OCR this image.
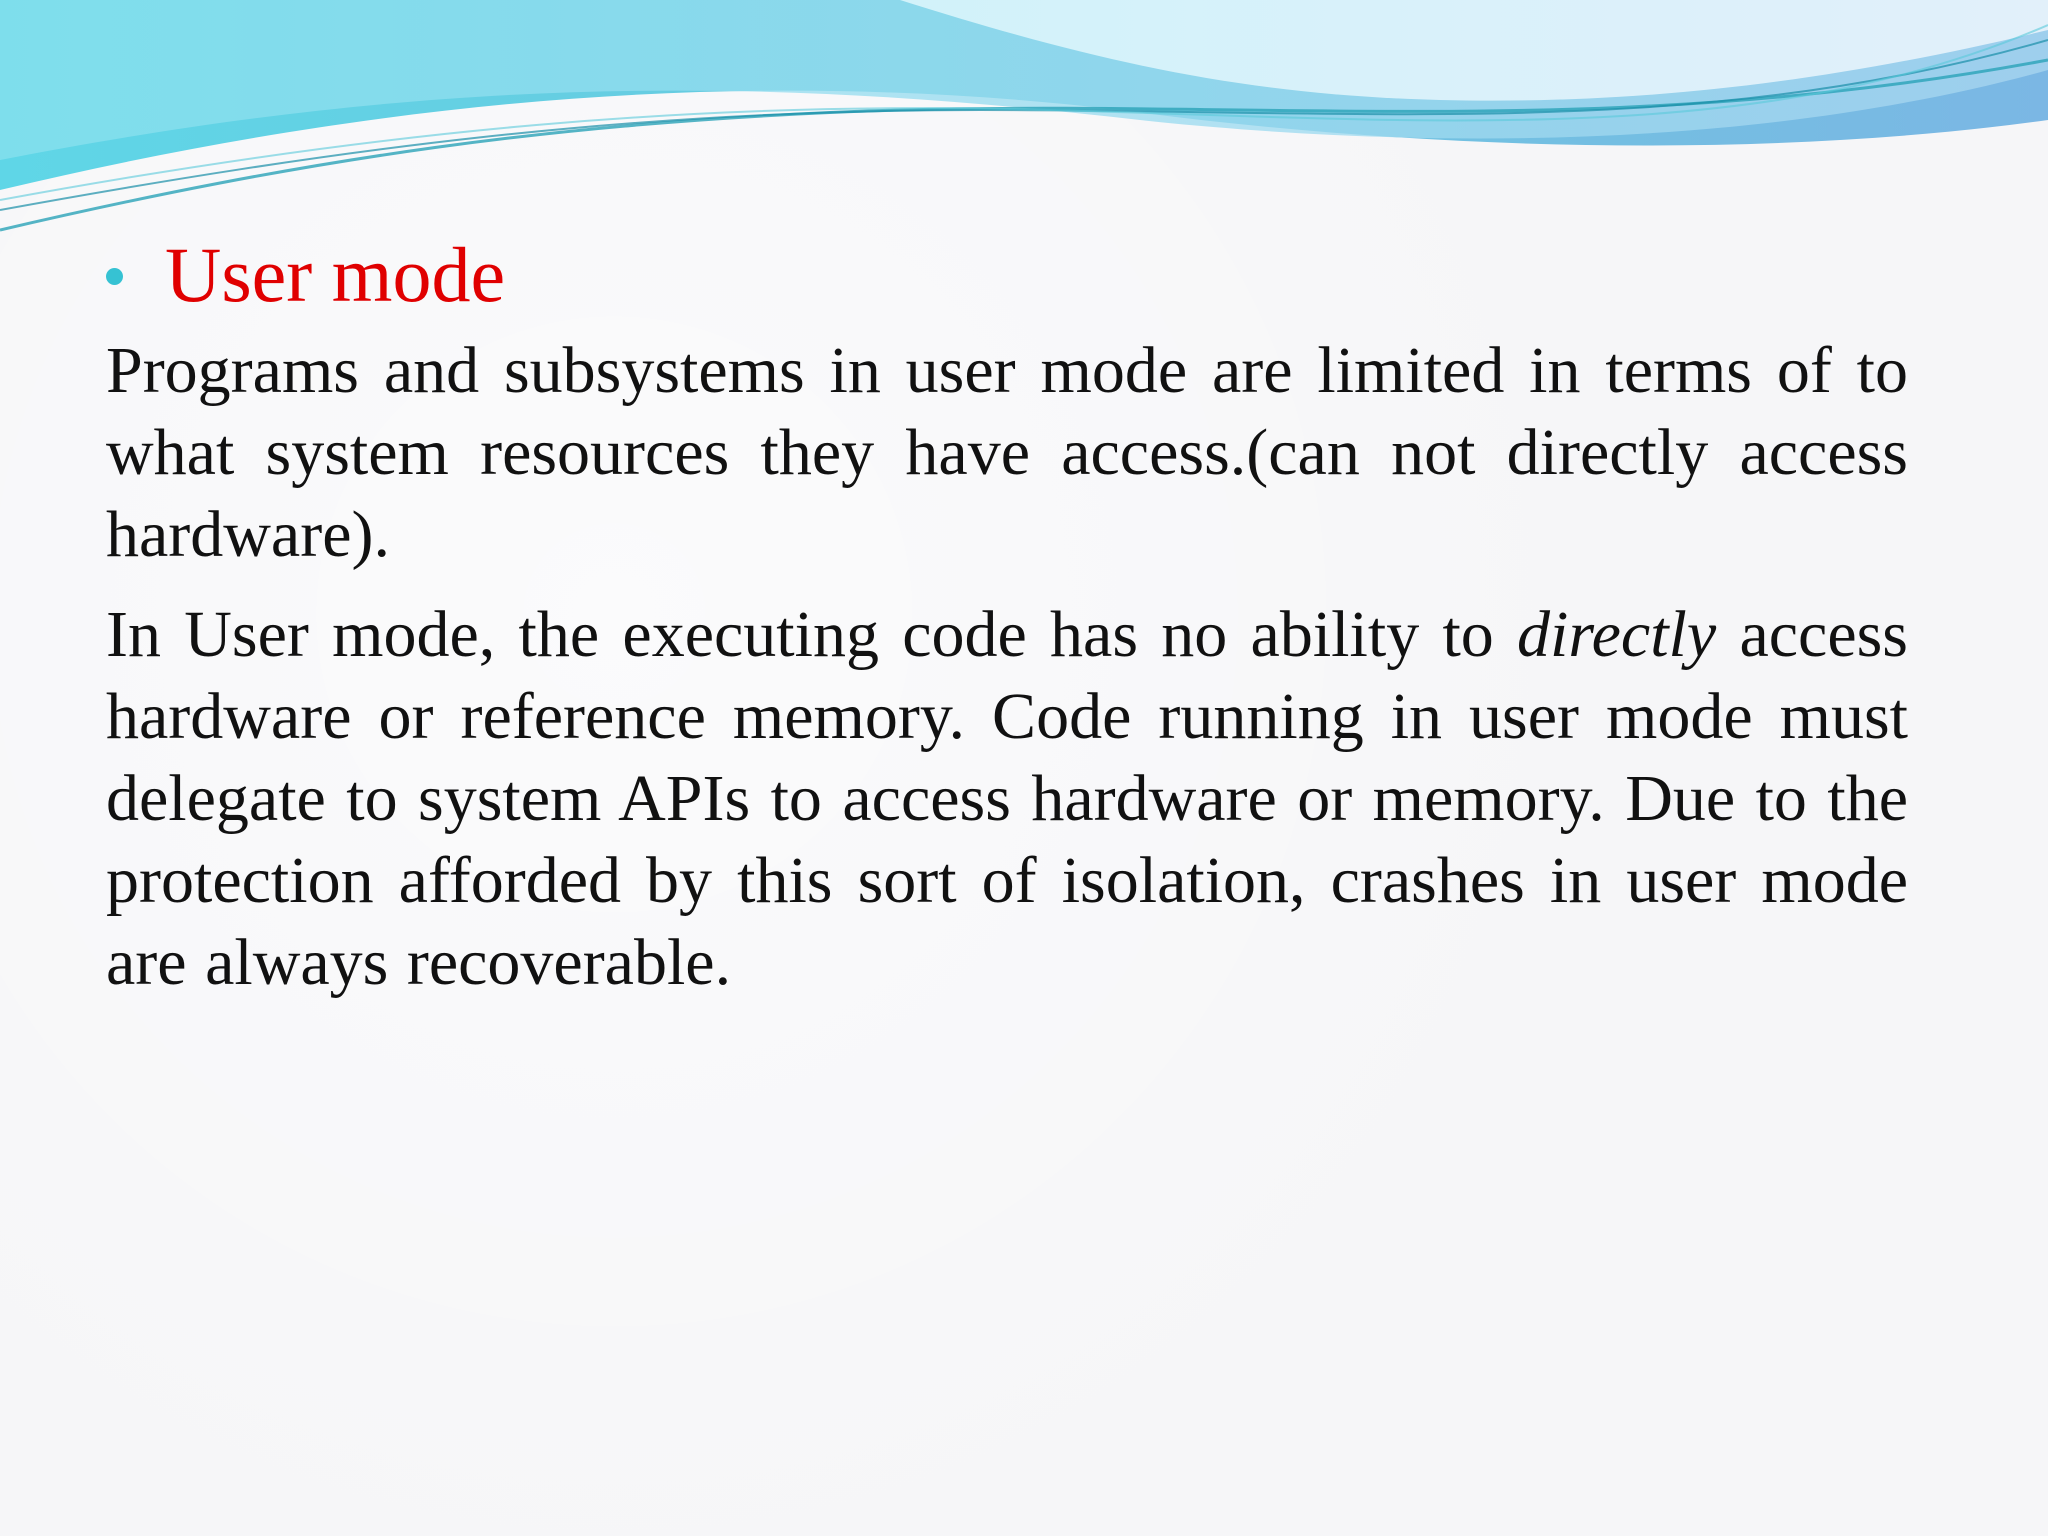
User mode

Programs and subsystems in user mode are limited in terms of to what system resources they have access.(can not directly access hardware).

In User mode, the executing code has no ability to directly access hardware or reference memory. Code running in user mode must delegate to system APIs to access hardware or memory. Due to the protection afforded by this sort of isolation, crashes in user mode are always recoverable.
